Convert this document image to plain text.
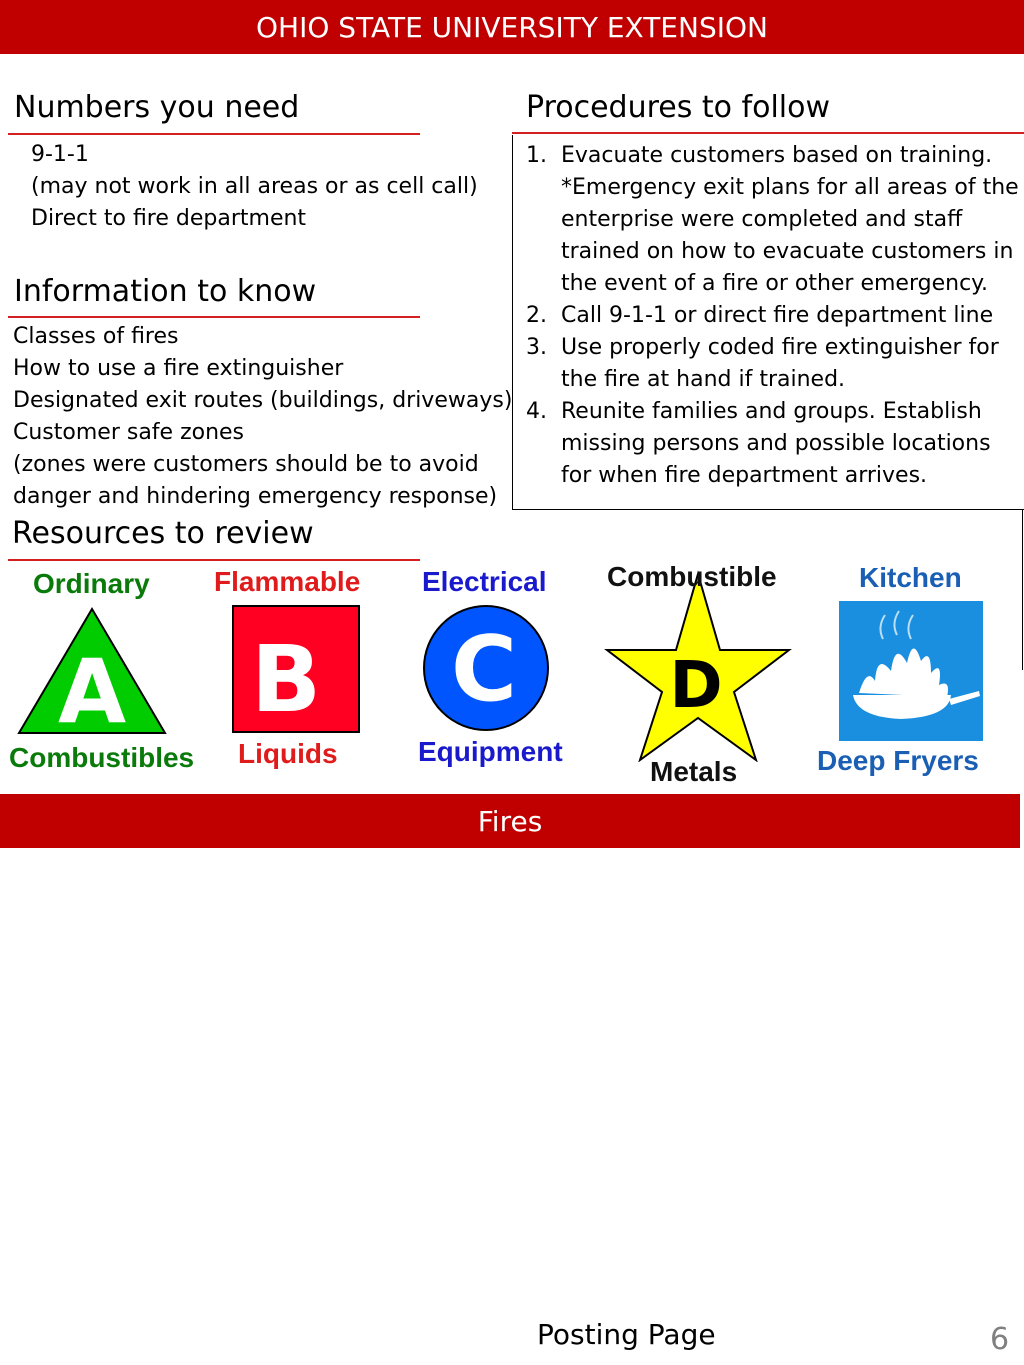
OHIO STATE UNIVERSITY EXTENSION
Numbers you need
9-1-1
(may not work in all areas or as cell call)
Direct to fire department
Information to know
Classes of fires
How to use a fire extinguisher
Designated exit routes (buildings, driveways)
Customer safe zones
(zones were customers should be to avoid
danger and hindering emergency response)
Resources to review
Procedures to follow
1. Evacuate customers based on training.
*Emergency exit plans for all areas of the
enterprise were completed and staff
trained on how to evacuate customers in
the event of a fire or other emergency.
2. Call 9-1-1 or direct fire department line
3. Use properly coded fire extinguisher for
the fire at hand if trained.
4. Reunite families and groups. Establish
missing persons and possible locations
for when fire department arrives.
Ordinary
A
Combustibles
Flammable
B
Liquids
Electrical
C
Equipment
D
Combustible
Metals
Kitchen
Deep Fryers
Fires
Posting Page	6
